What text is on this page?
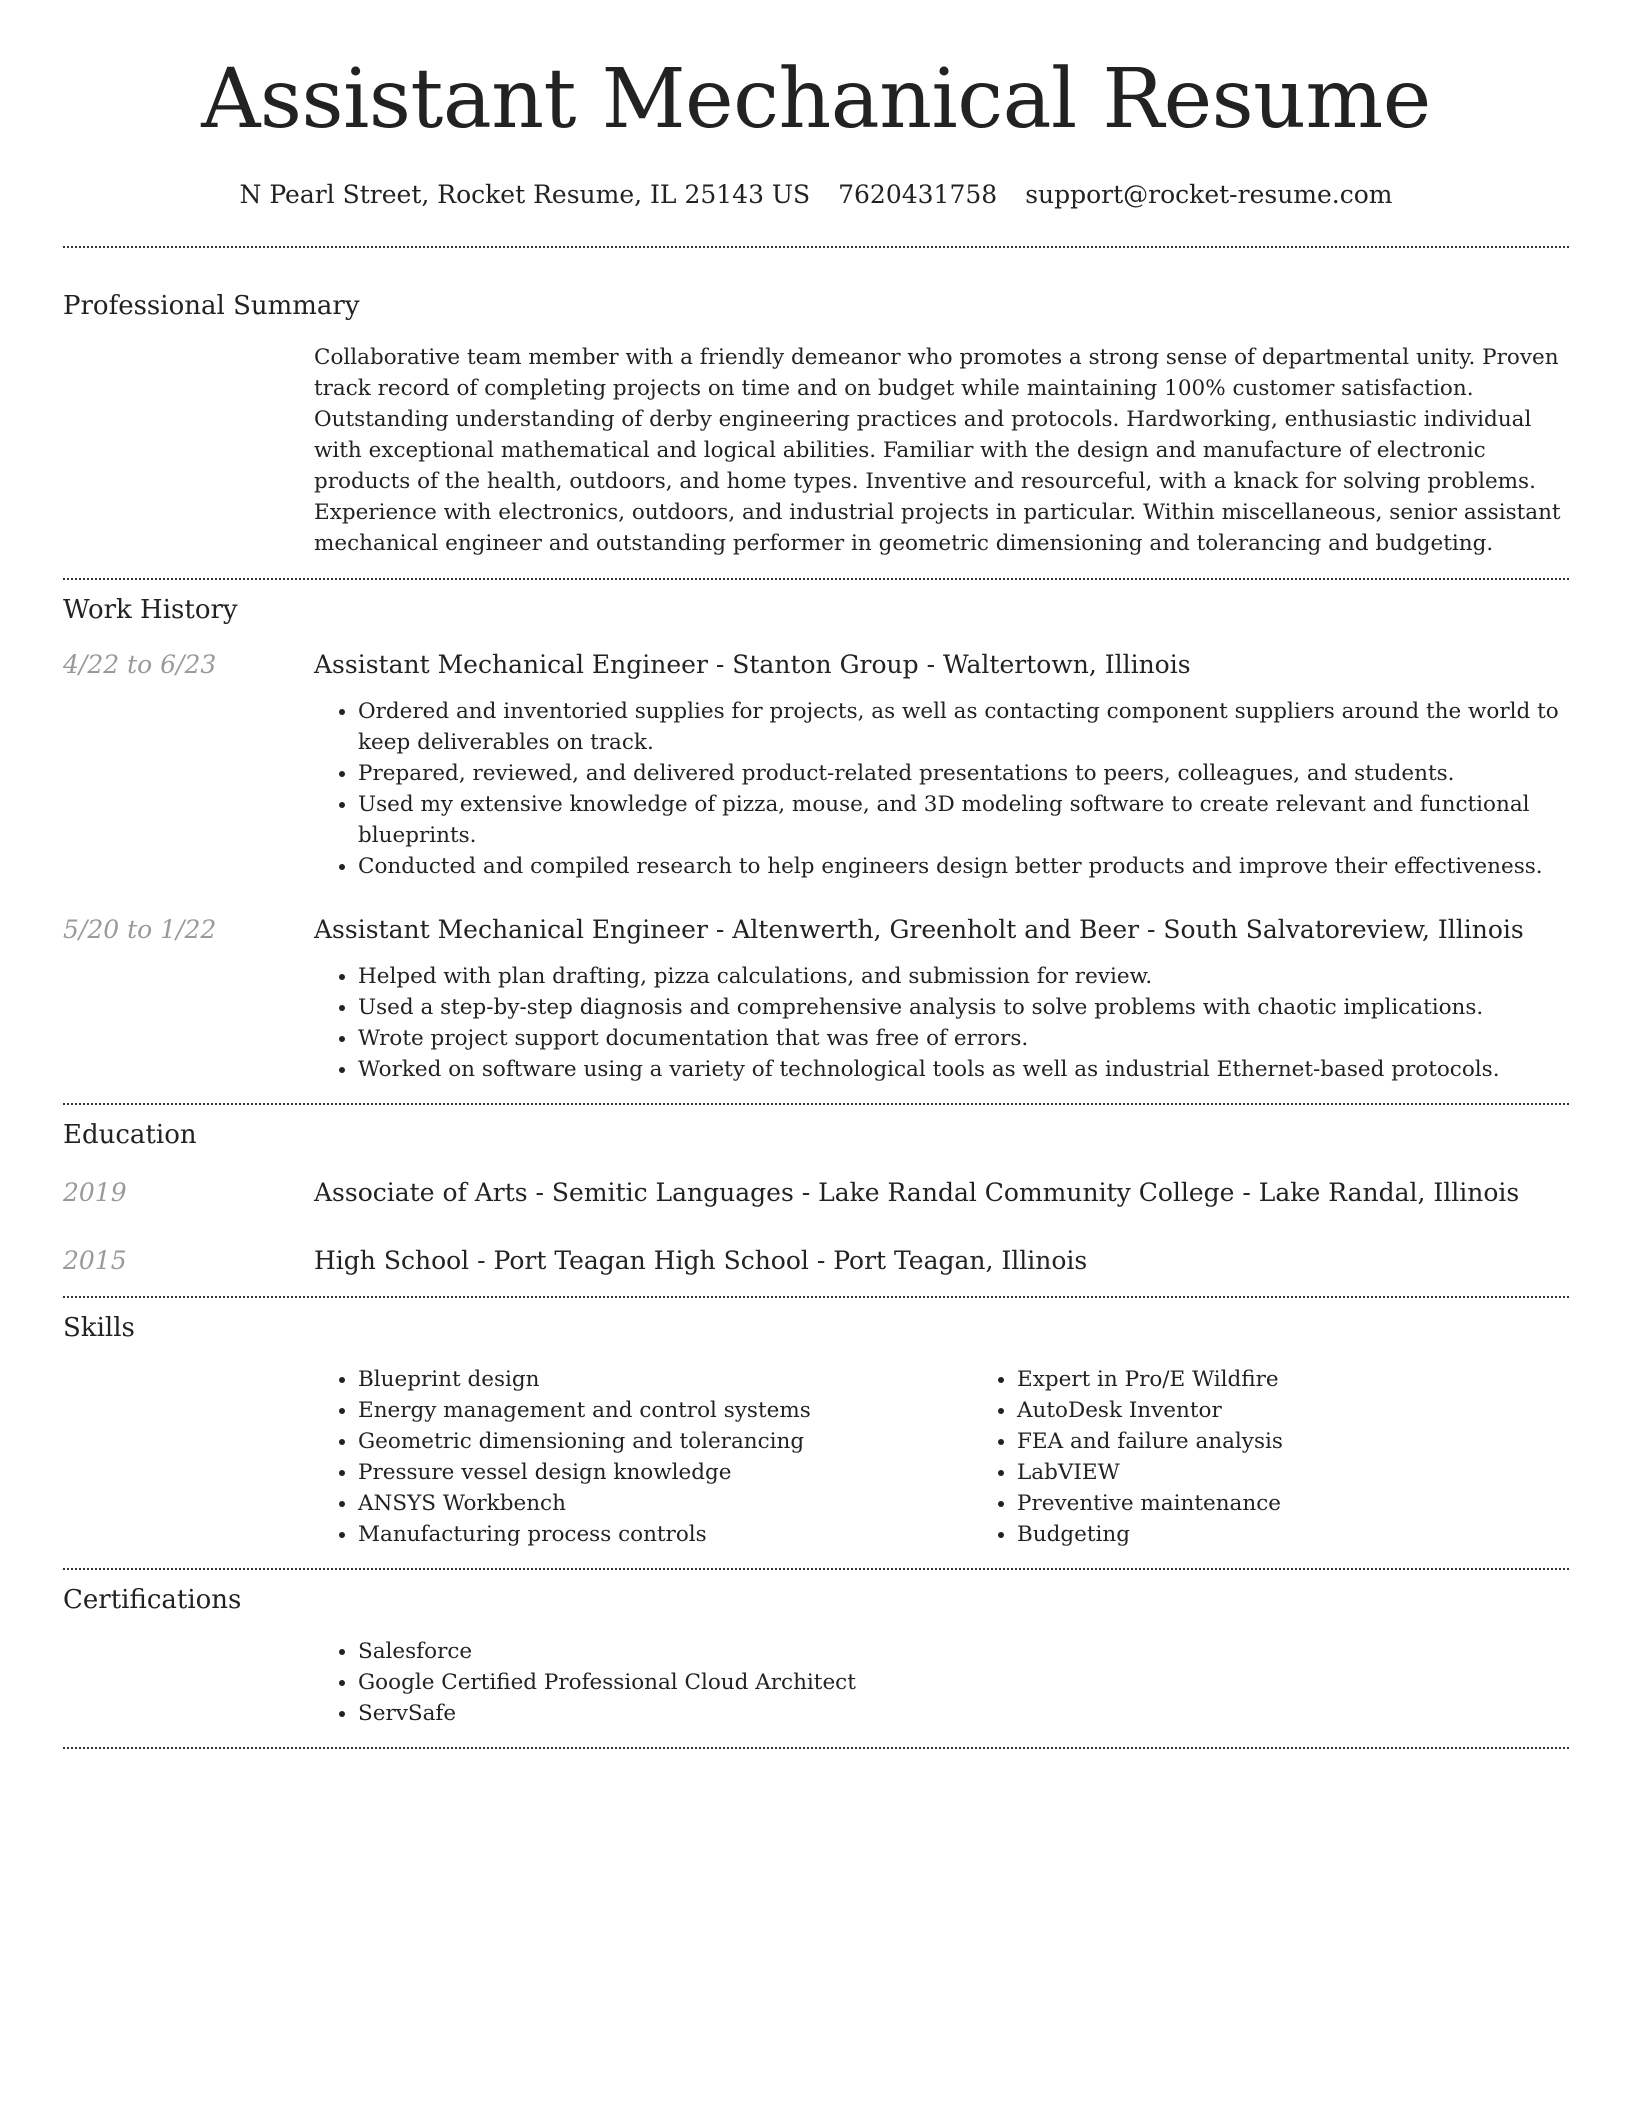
Assistant Mechanical Resume
N Pearl Street, Rocket Resume, IL 25143 US 7620431758 support@rocket-resume.com
Professional Summary

Collaborative team member with a friendly demeanor who promotes a strong sense of departmental unity. Proven track record of completing projects on time and on budget while maintaining 100% customer satisfaction. Outstanding understanding of derby engineering practices and protocols. Hardworking, enthusiastic individual with exceptional mathematical and logical abilities. Familiar with the design and manufacture of electronic products of the health, outdoors, and home types. Inventive and resourceful, with a knack for solving problems. Experience with electronics, outdoors, and industrial projects in particular. Within miscellaneous, senior assistant mechanical engineer and outstanding performer in geometric dimensioning and tolerancing and budgeting.

Work History
4/22 to 6/23	Assistant Mechanical Engineer - Stanton Group - Waltertown, Illinois
• Ordered and inventoried supplies for projects, as well as contacting component suppliers around the world to keep deliverables on track.
• Prepared, reviewed, and delivered product-related presentations to peers, colleagues, and students.
• Used my extensive knowledge of pizza, mouse, and 3D modeling software to create relevant and functional blueprints.
• Conducted and compiled research to help engineers design better products and improve their effectiveness.
5/20 to 1/22	Assistant Mechanical Engineer - Altenwerth, Greenholt and Beer - South Salvatoreview, Illinois
• Helped with plan drafting, pizza calculations, and submission for review.
• Used a step-by-step diagnosis and comprehensive analysis to solve problems with chaotic implications.
• Wrote project support documentation that was free of errors.
• Worked on software using a variety of technological tools as well as industrial Ethernet-based protocols.
Education
2019	Associate of Arts - Semitic Languages - Lake Randal Community College - Lake Randal, Illinois
2015	High School - Port Teagan High School - Port Teagan, Illinois
Skills
• Blueprint design
• Energy management and control systems
• Geometric dimensioning and tolerancing
• Pressure vessel design knowledge
• ANSYS Workbench
• Manufacturing process controls
• Expert in Pro/E Wildfire
• AutoDesk Inventor
• FEA and failure analysis
• LabVIEW
• Preventive maintenance
• Budgeting
Certifications
• Salesforce
• Google Certified Professional Cloud Architect
• ServSafe
